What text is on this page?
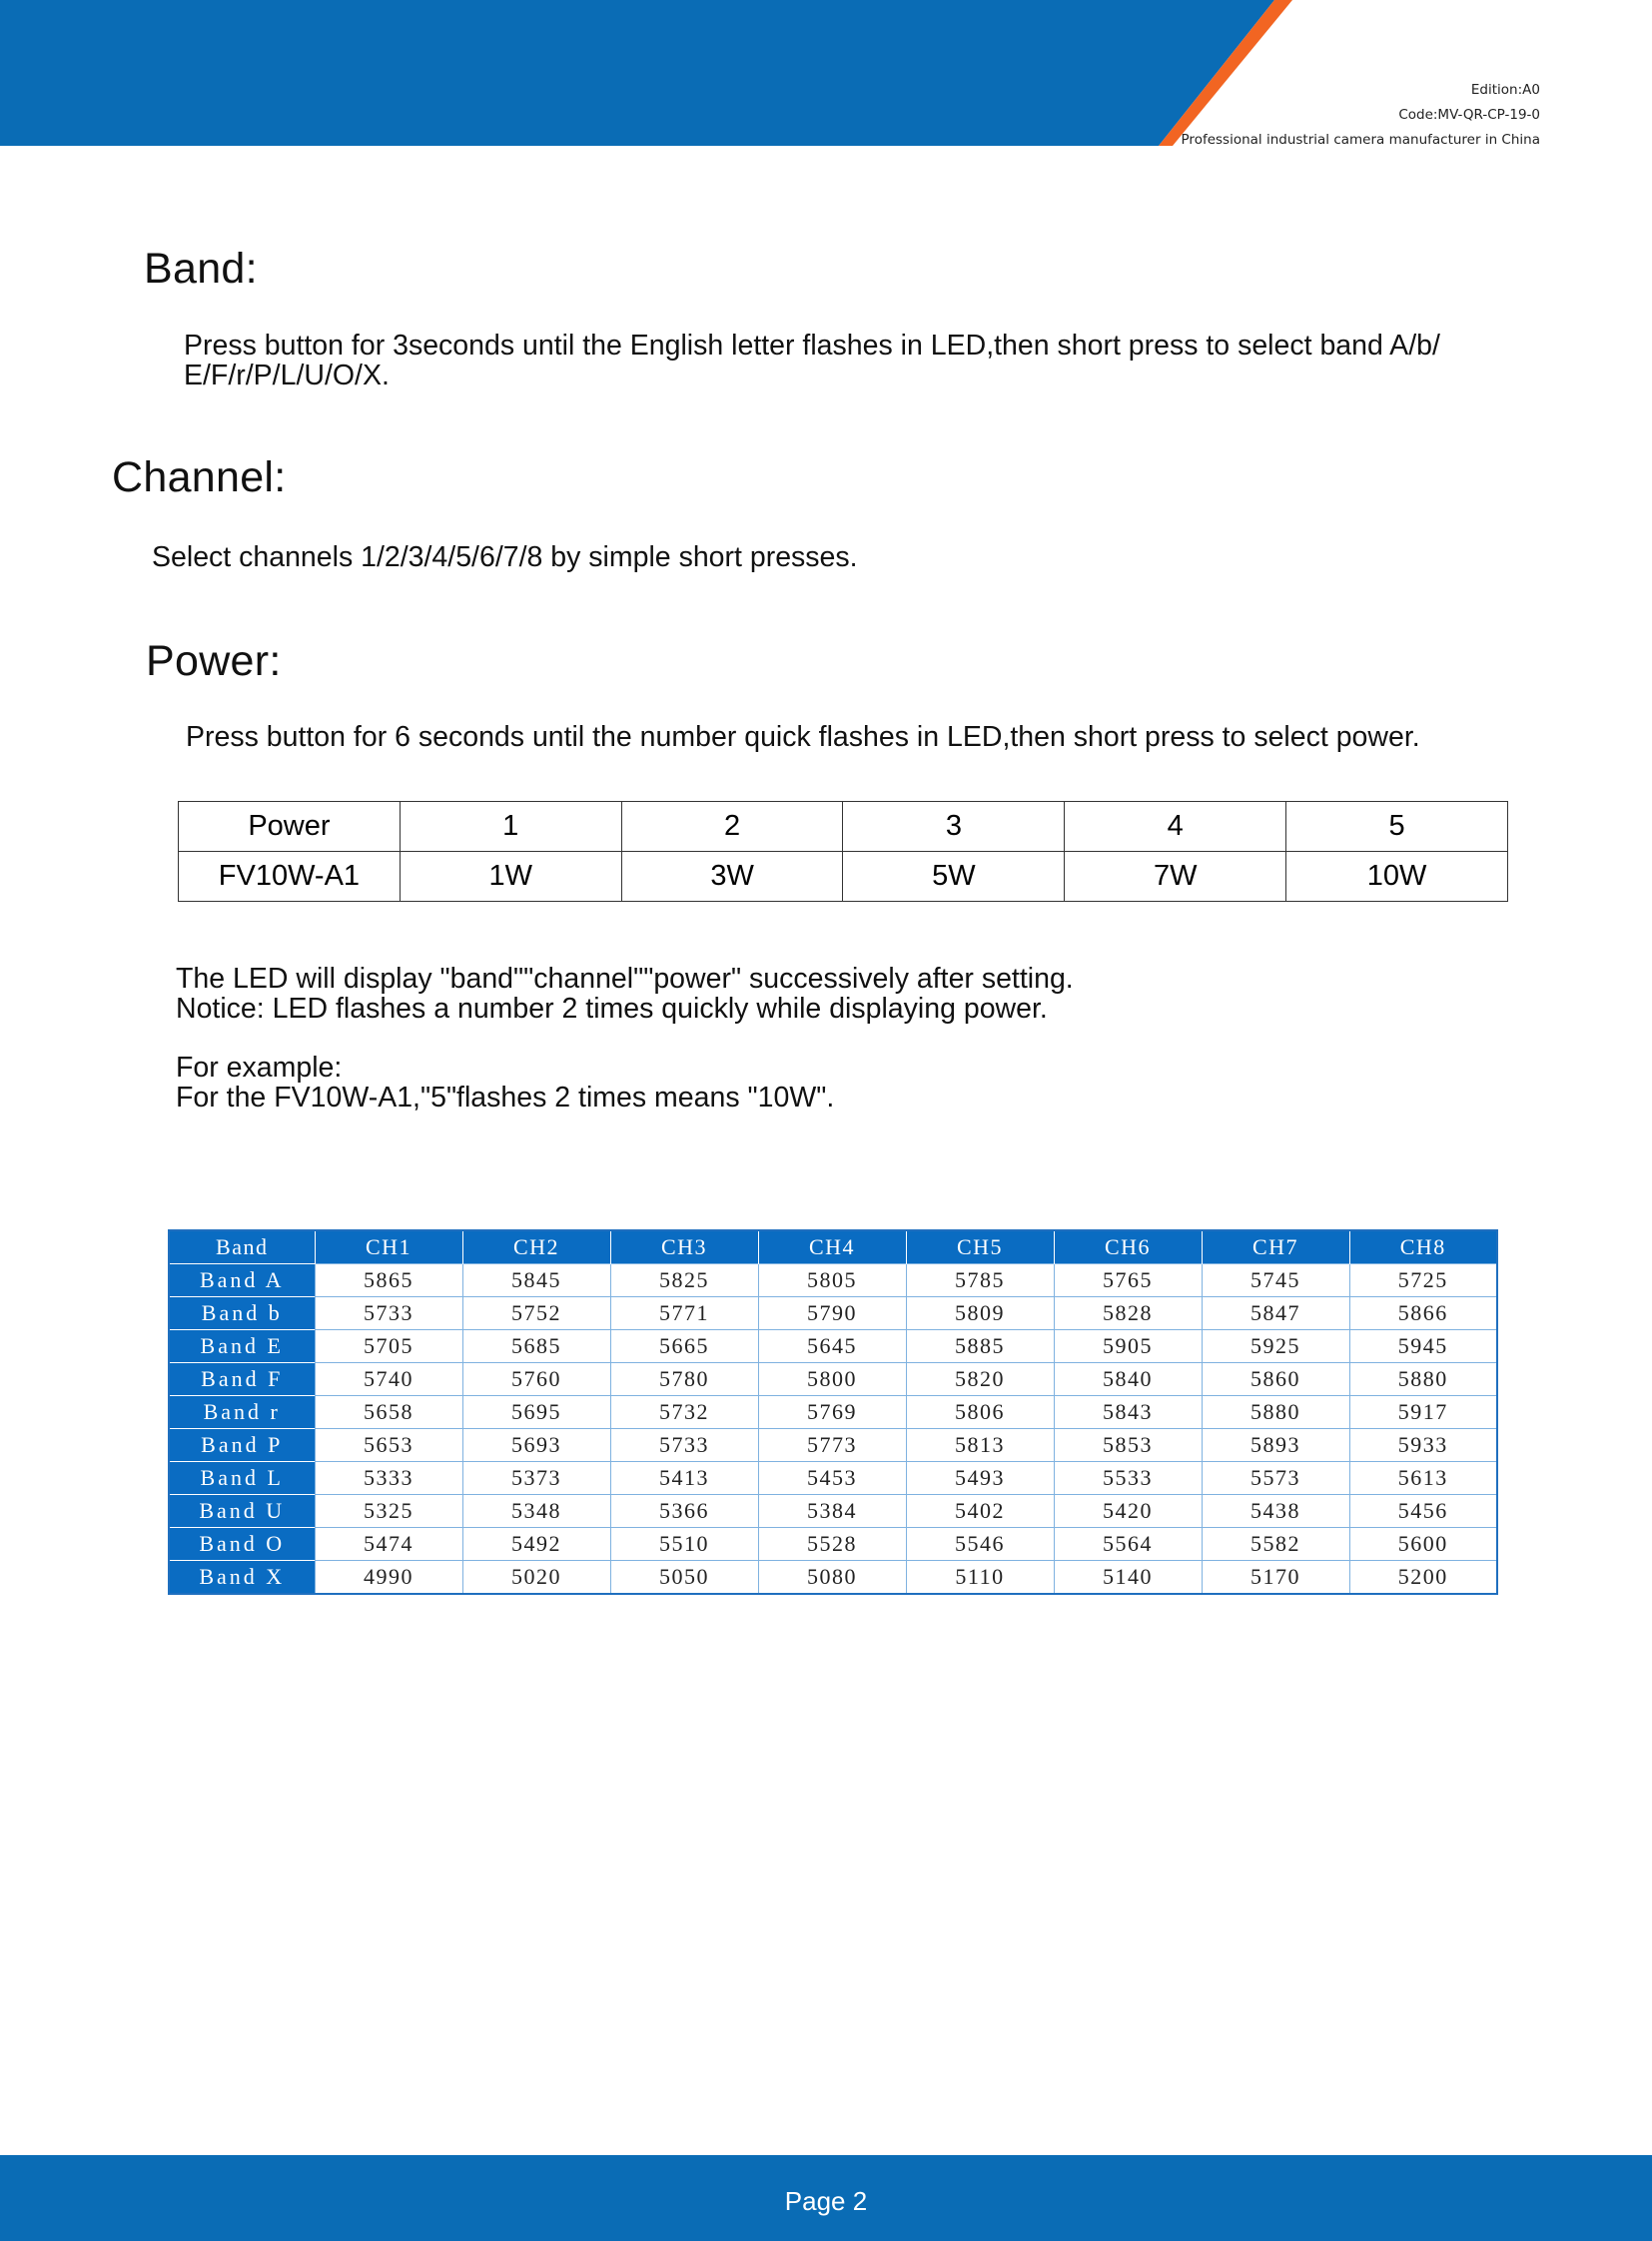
Edition:A0
Code:MV-QR-CP-19-0
Professional industrial camera manufacturer in China
Band:

Press button for 3seconds until the English letter flashes in LED,then short press to select band A/b/

E/F/r/P/L/U/O/X.

Channel:

Select channels 1/2/3/4/5/6/7/8 by simple short presses.

Power:

Press button for 6 seconds until the number quick flashes in LED,then short press to select power.

Power	1	2	3	4	5
FV10W-A1	1W	3W	5W	7W	10W

The LED will display "band""channel""power" successively after setting.

Notice: LED flashes a number 2 times quickly while displaying power.

For example:

For the FV10W-A1,"5"flashes 2 times means "10W".

Band	CH1	CH2	CH3	CH4	CH5	CH6	CH7	CH8
Band A	5865	5845	5825	5805	5785	5765	5745	5725
Band b	5733	5752	5771	5790	5809	5828	5847	5866
Band E	5705	5685	5665	5645	5885	5905	5925	5945
Band F	5740	5760	5780	5800	5820	5840	5860	5880
Band r	5658	5695	5732	5769	5806	5843	5880	5917
Band P	5653	5693	5733	5773	5813	5853	5893	5933
Band L	5333	5373	5413	5453	5493	5533	5573	5613
Band U	5325	5348	5366	5384	5402	5420	5438	5456
Band O	5474	5492	5510	5528	5546	5564	5582	5600
Band X	4990	5020	5050	5080	5110	5140	5170	5200
Page 2
